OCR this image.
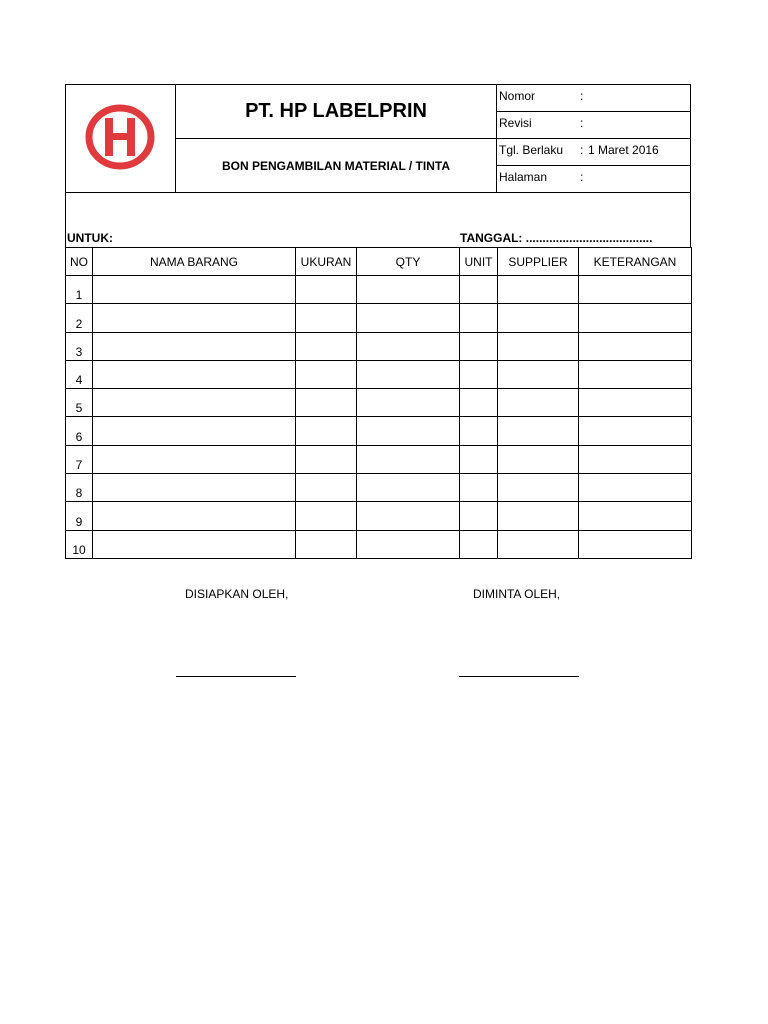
PT. HP LABELPRIN
BON PENGAMBILAN MATERIAL / TINTA
Nomor	:
Revisi	:
Tgl. Berlaku : 1 Maret 2016
Halaman	:
UNTUK:	TANGGAL: ......................................
NO	NAMA BARANG	UKURAN	QTY	UNIT	SUPPLIER	KETERANGAN
1						
2						
3						
4						
5						
6						
7						
8						
9						
10						
DISIAPKAN OLEH,	DIMINTA OLEH,
